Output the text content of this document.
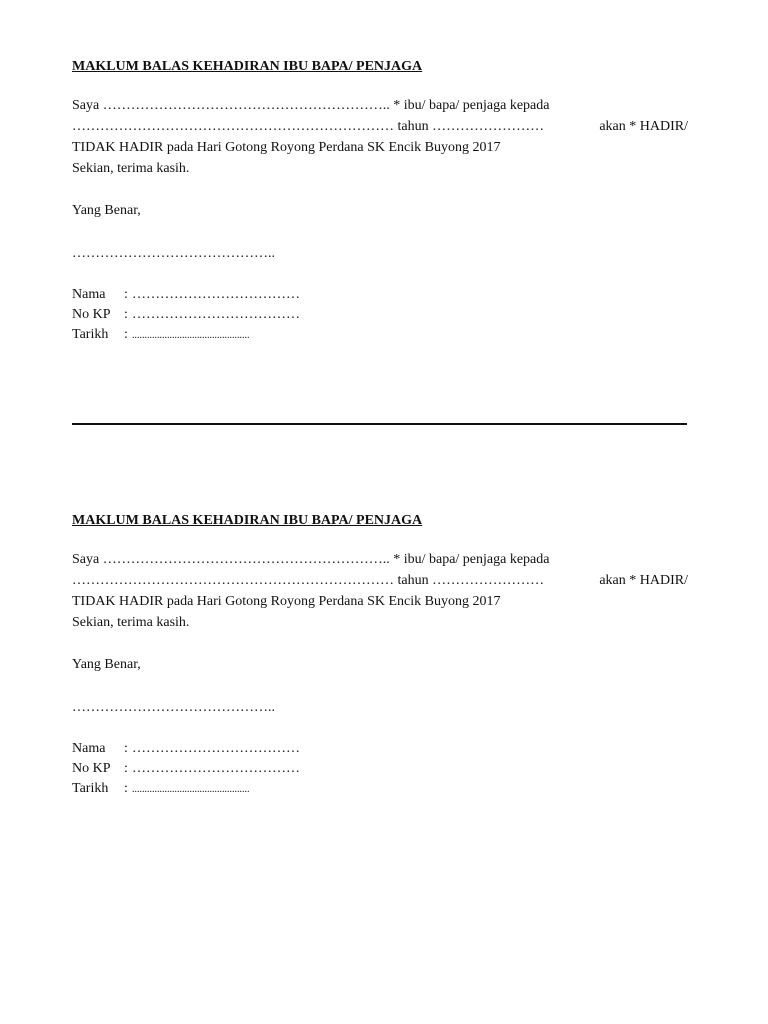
MAKLUM BALAS KEHADIRAN IBU BAPA/ PENJAGA

Saya …………………………………………………….. * ibu/ bapa/ penjaga kepada
…………………………………………………………… tahun ……………………	akan * HADIR/
TIDAK HADIR pada Hari Gotong Royong Perdana SK Encik Buyong 2017
Sekian, terima kasih.
Yang Benar,
……………………………………..
Nama	: ………………………………
No KP : ………………………………
Tarikh	: ...............................................

MAKLUM BALAS KEHADIRAN IBU BAPA/ PENJAGA

Saya …………………………………………………….. * ibu/ bapa/ penjaga kepada
…………………………………………………………… tahun ……………………	akan * HADIR/
TIDAK HADIR pada Hari Gotong Royong Perdana SK Encik Buyong 2017
Sekian, terima kasih.
Yang Benar,
……………………………………..
Nama	: ………………………………
No KP : ………………………………
Tarikh	: ...............................................
